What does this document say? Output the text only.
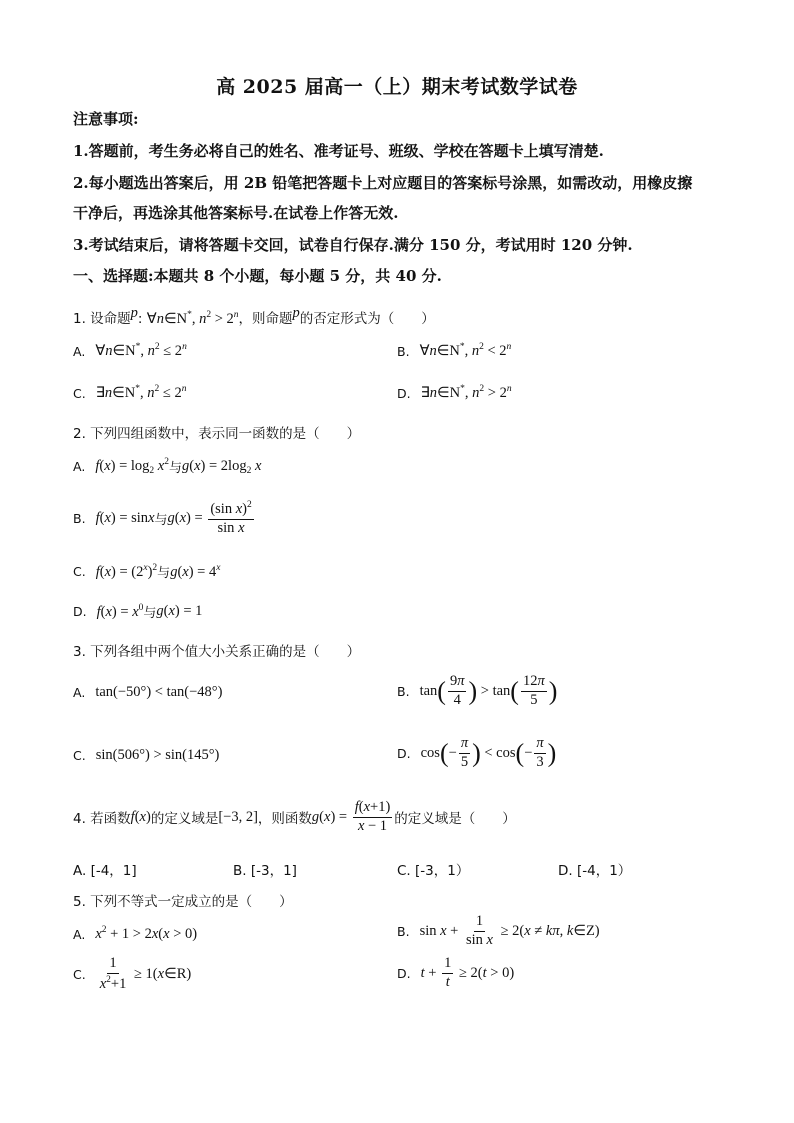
高 2025 届高一（上）期末考试数学试卷
注意事项:
1.答题前，考生务必将自己的姓名、准考证号、班级、学校在答题卡上填写清楚.
2.每小题选出答案后，用 2B 铅笔把答题卡上对应题目的答案标号涂黑，如需改动，用橡皮擦
干净后，再选涂其他答案标号.在试卷上作答无效.
3.考试结束后，请将答题卡交回，试卷自行保存.满分 150 分，考试用时 120 分钟.
一、选择题:本题共 8 个小题，每小题 5 分，共 40 分.
1. 设命题$^p$: ∀n∈N*, $n^2 > 2^n$，则命题$^p$的否定形式为（　　）
A. ∀n∈N*, $n^2 \le 2^n$	B. ∀n∈N*, $n^2 < 2^n$
C. ∃n∈N*, $n^2 \le 2^n$	D. ∃n∈N*, $n^2 > 2^n$
2. 下列四组函数中，表示同一函数的是（　　）
A. $f(x) = \log_2 x^2$ 与 $g(x) = 2\log_2$ x
B. f(x) = sinx 与 $g(x) = \frac{(\sin x)^2}{\text{sin x}}$
C. $f(x) = (2^x)^2$ 与 $g(x) = 4^x$
D. $f(x) = x^0$ 与 g(x) = 1
3. 下列各组中两个值大小关系正确的是（　　）
A. tan(−50°) < tan(−48°)	B. $\tan( \frac{9\pi}{4}$ ) > $\tan( \frac{12\pi}{5}$ )
C. sin(506°) > sin(145°)	D. $\cos(- \frac{\pi}{5}$ ) < $\cos(- \frac{\pi}{3}$ )
4. 若函数 f(x) 的定义域是 [−3, 2] ，则函数 $g(x) = \frac{f(x+1)}{x - 1}$ 的定义域是（　　）
A. [-4，1]	B. [-3，1]	C. [-3，1）	D. [-4，1）
5. 下列不等式一定成立的是（　　）
A. $x^2 + 1 > 2x(x > 0)$	B. $\sin x + \frac{1}{\text{sin x}} \ge 2(x \ne k\pi$, k∈Z)
C. $\frac{1}{x^2+1}$ ≥ 1(x∈R)	D. $t + \frac{1}{t} \ge 2(t > 0)$
